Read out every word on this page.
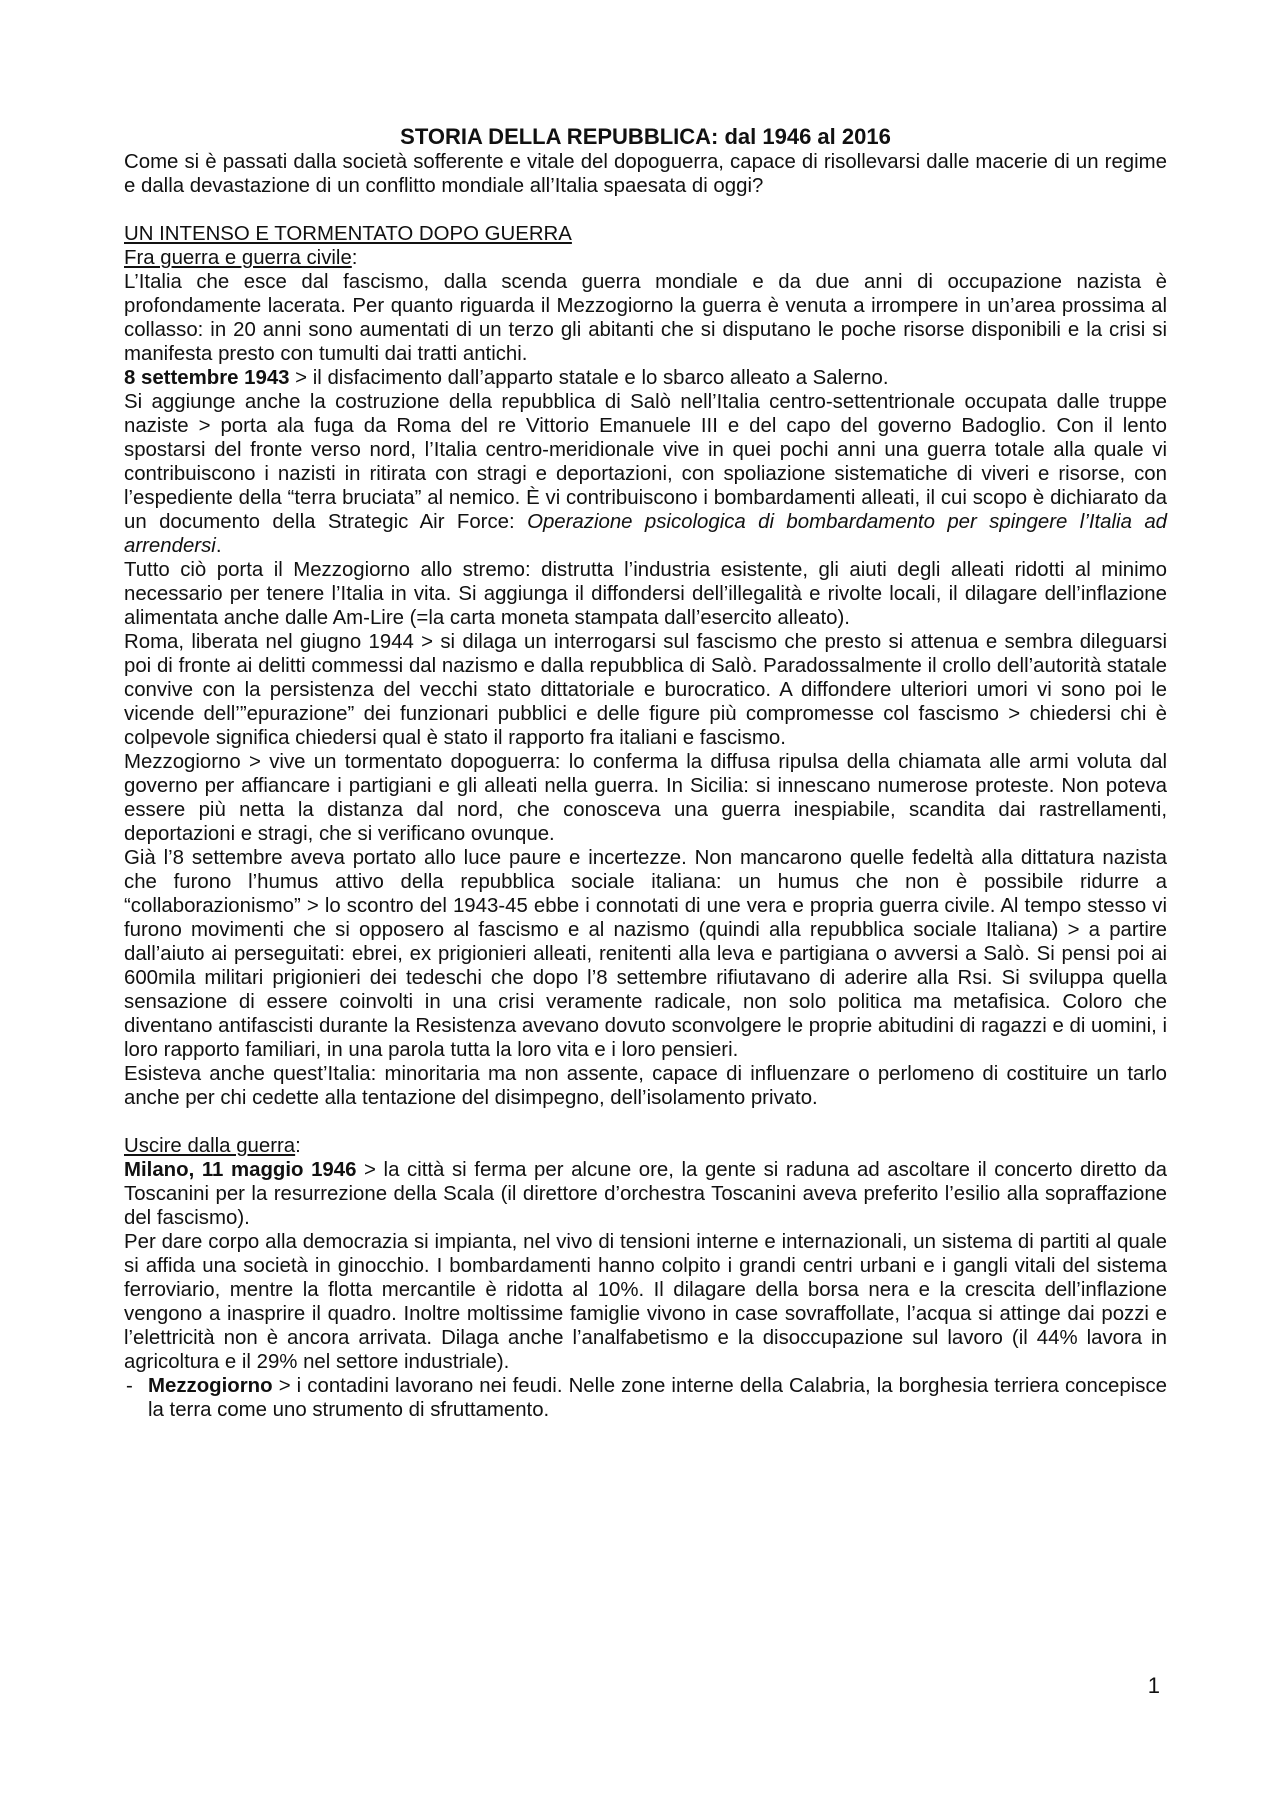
STORIA DELLA REPUBBLICA: dal 1946 al 2016

Come si è passati dalla società sofferente e vitale del dopoguerra, capace di risollevarsi dalle macerie di un regime e dalla devastazione di un conflitto mondiale all’Italia spaesata di oggi?

UN INTENSO E TORMENTATO DOPO GUERRA

Fra guerra e guerra civile:

L’Italia che esce dal fascismo, dalla scenda guerra mondiale e da due anni di occupazione nazista è profondamente lacerata. Per quanto riguarda il Mezzogiorno la guerra è venuta a irrompere in un’area prossima al collasso: in 20 anni sono aumentati di un terzo gli abitanti che si disputano le poche risorse disponibili e la crisi si manifesta presto con tumulti dai tratti antichi.

8 settembre 1943 > il disfacimento dall’apparto statale e lo sbarco alleato a Salerno.

Si aggiunge anche la costruzione della repubblica di Salò nell’Italia centro-settentrionale occupata dalle truppe naziste > porta ala fuga da Roma del re Vittorio Emanuele III e del capo del governo Badoglio. Con il lento spostarsi del fronte verso nord, l’Italia centro-meridionale vive in quei pochi anni una guerra totale alla quale vi contribuiscono i nazisti in ritirata con stragi e deportazioni, con spoliazione sistematiche di viveri e risorse, con l’espediente della “terra bruciata” al nemico. È vi contribuiscono i bombardamenti alleati, il cui scopo è dichiarato da un documento della Strategic Air Force: Operazione psicologica di bombardamento per spingere l’Italia ad arrendersi.

Tutto ciò porta il Mezzogiorno allo stremo: distrutta l’industria esistente, gli aiuti degli alleati ridotti al minimo necessario per tenere l’Italia in vita. Si aggiunga il diffondersi dell’illegalità e rivolte locali, il dilagare dell’inflazione alimentata anche dalle Am-Lire (=la carta moneta stampata dall’esercito alleato).

Roma, liberata nel giugno 1944 > si dilaga un interrogarsi sul fascismo che presto si attenua e sembra dileguarsi poi di fronte ai delitti commessi dal nazismo e dalla repubblica di Salò. Paradossalmente il crollo dell’autorità statale convive con la persistenza del vecchi stato dittatoriale e burocratico. A diffondere ulteriori umori vi sono poi le vicende dell’”epurazione” dei funzionari pubblici e delle figure più compromesse col fascismo > chiedersi chi è colpevole significa chiedersi qual è stato il rapporto fra italiani e fascismo.

Mezzogiorno > vive un tormentato dopoguerra: lo conferma la diffusa ripulsa della chiamata alle armi voluta dal governo per affiancare i partigiani e gli alleati nella guerra. In Sicilia: si innescano numerose proteste. Non poteva essere più netta la distanza dal nord, che conosceva una guerra inespiabile, scandita dai rastrellamenti, deportazioni e stragi, che si verificano ovunque.

Già l’8 settembre aveva portato allo luce paure e incertezze. Non mancarono quelle fedeltà alla dittatura nazista che furono l’humus attivo della repubblica sociale italiana: un humus che non è possibile ridurre a “collaborazionismo” > lo scontro del 1943-45 ebbe i connotati di une vera e propria guerra civile. Al tempo stesso vi furono movimenti che si opposero al fascismo e al nazismo (quindi alla repubblica sociale Italiana) > a partire dall’aiuto ai perseguitati: ebrei, ex prigionieri alleati, renitenti alla leva e partigiana o avversi a Salò. Si pensi poi ai 600mila militari prigionieri dei tedeschi che dopo l’8 settembre rifiutavano di aderire alla Rsi. Si sviluppa quella sensazione di essere coinvolti in una crisi veramente radicale, non solo politica ma metafisica. Coloro che diventano antifascisti durante la Resistenza avevano dovuto sconvolgere le proprie abitudini di ragazzi e di uomini, i loro rapporto familiari, in una parola tutta la loro vita e i loro pensieri.

Esisteva anche quest’Italia: minoritaria ma non assente, capace di influenzare o perlomeno di costituire un tarlo anche per chi cedette alla tentazione del disimpegno, dell’isolamento privato.

Uscire dalla guerra:

Milano, 11 maggio 1946 > la città si ferma per alcune ore, la gente si raduna ad ascoltare il concerto diretto da Toscanini per la resurrezione della Scala (il direttore d’orchestra Toscanini aveva preferito l’esilio alla sopraffazione del fascismo).

Per dare corpo alla democrazia si impianta, nel vivo di tensioni interne e internazionali, un sistema di partiti al quale si affida una società in ginocchio. I bombardamenti hanno colpito i grandi centri urbani e i gangli vitali del sistema ferroviario, mentre la flotta mercantile è ridotta al 10%. Il dilagare della borsa nera e la crescita dell’inflazione vengono a inasprire il quadro. Inoltre moltissime famiglie vivono in case sovraffollate, l’acqua si attinge dai pozzi e l’elettricità non è ancora arrivata. Dilaga anche l’analfabetismo e la disoccupazione sul lavoro (il 44% lavora in agricoltura e il 29% nel settore industriale).

- Mezzogiorno > i contadini lavorano nei feudi. Nelle zone interne della Calabria, la borghesia terriera concepisce la terra come uno strumento di sfruttamento.
1
